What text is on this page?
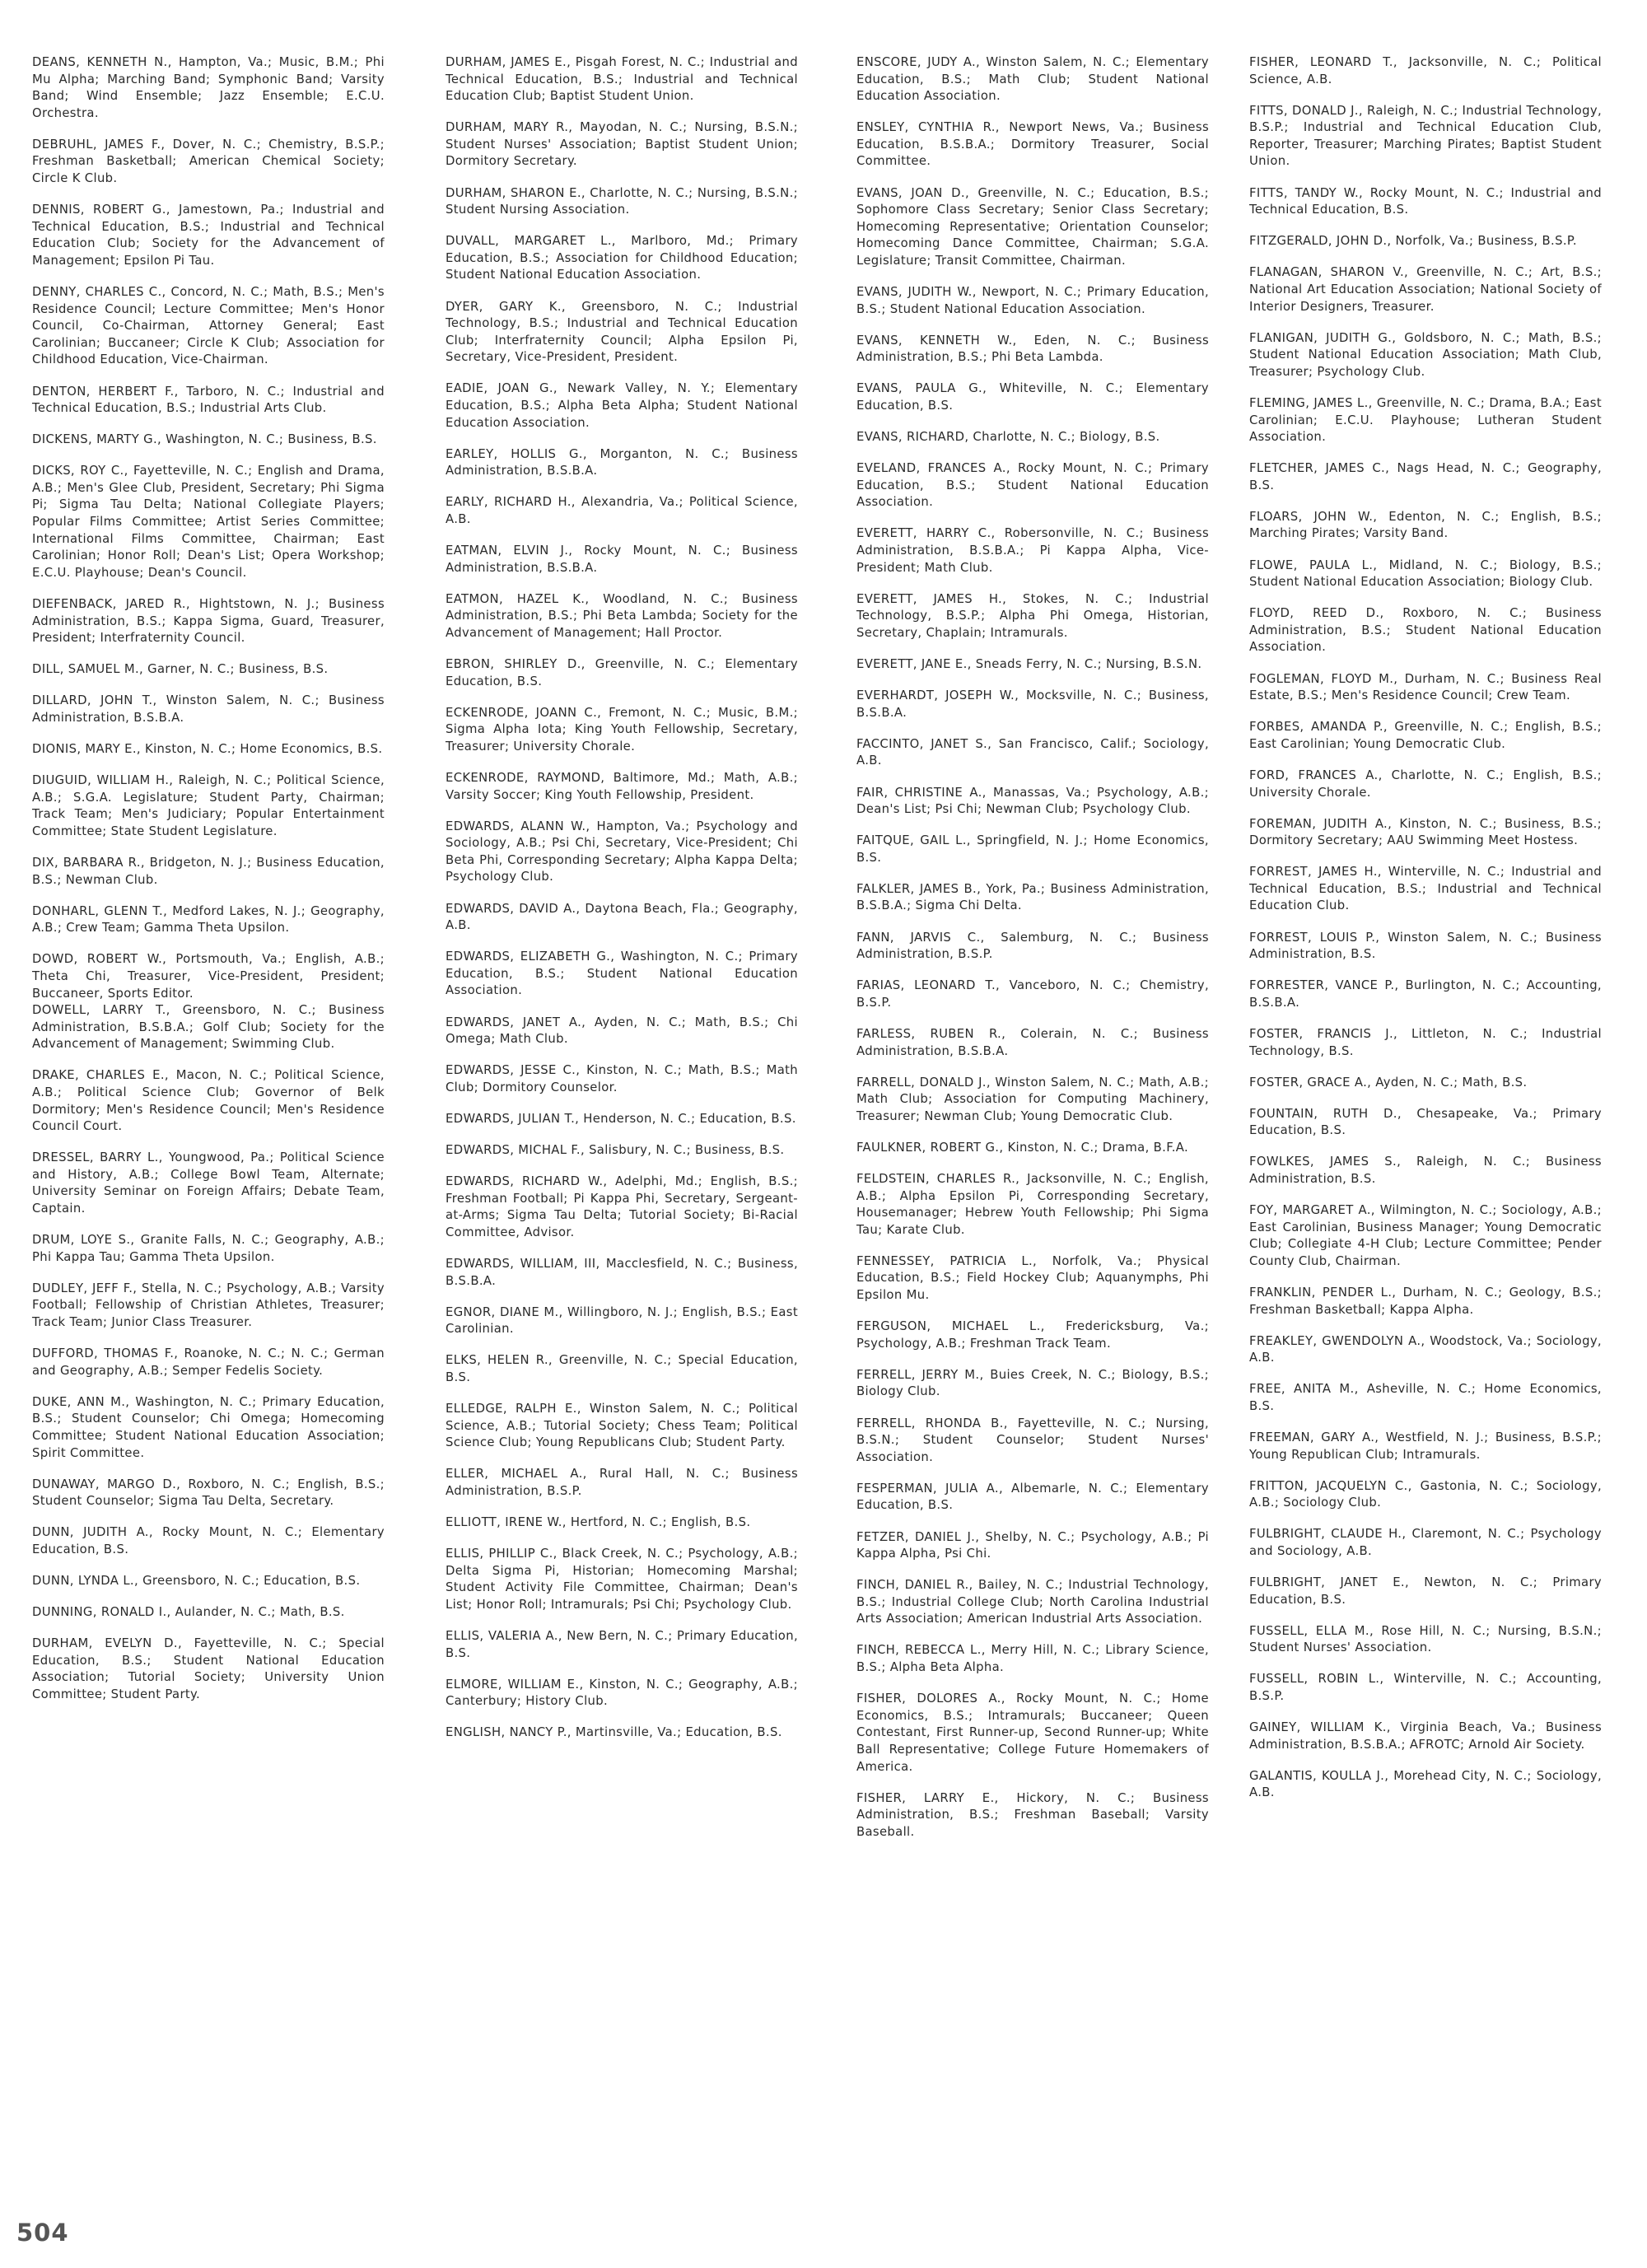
DEANS, KENNETH N., Hampton, Va.; Music, B.M.; Phi Mu Alpha; Marching Band; Symphonic Band; Varsity Band; Wind Ensemble; Jazz Ensemble; E.C.U. Orchestra.

DEBRUHL, JAMES F., Dover, N. C.; Chemistry, B.S.P.; Freshman Basketball; American Chemical Society; Circle K Club.

DENNIS, ROBERT G., Jamestown, Pa.; Industrial and Technical Education, B.S.; Industrial and Technical Education Club; Society for the Advancement of Management; Epsilon Pi Tau.

DENNY, CHARLES C., Concord, N. C.; Math, B.S.; Men's Residence Council; Lecture Committee; Men's Honor Council, Co-Chairman, Attorney General; East Carolinian; Buccaneer; Circle K Club; Association for Childhood Education, Vice-Chairman.

DENTON, HERBERT F., Tarboro, N. C.; Industrial and Technical Education, B.S.; Industrial Arts Club.

DICKENS, MARTY G., Washington, N. C.; Business, B.S.

DICKS, ROY C., Fayetteville, N. C.; English and Drama, A.B.; Men's Glee Club, President, Secretary; Phi Sigma Pi; Sigma Tau Delta; National Collegiate Players; Popular Films Committee; Artist Series Committee; International Films Committee, Chairman; East Carolinian; Honor Roll; Dean's List; Opera Workshop; E.C.U. Playhouse; Dean's Council.

DIEFENBACK, JARED R., Hightstown, N. J.; Business Administration, B.S.; Kappa Sigma, Guard, Treasurer, President; Interfraternity Council.

DILL, SAMUEL M., Garner, N. C.; Business, B.S.

DILLARD, JOHN T., Winston Salem, N. C.; Business Administration, B.S.B.A.

DIONIS, MARY E., Kinston, N. C.; Home Economics, B.S.

DIUGUID, WILLIAM H., Raleigh, N. C.; Political Science, A.B.; S.G.A. Legislature; Student Party, Chairman; Track Team; Men's Judiciary; Popular Entertainment Committee; State Student Legislature.

DIX, BARBARA R., Bridgeton, N. J.; Business Education, B.S.; Newman Club.

DONHARL, GLENN T., Medford Lakes, N. J.; Geography, A.B.; Crew Team; Gamma Theta Upsilon.

DOWD, ROBERT W., Portsmouth, Va.; English, A.B.; Theta Chi, Treasurer, Vice-President, President; Buccaneer, Sports Editor.

DOWELL, LARRY T., Greensboro, N. C.; Business Administration, B.S.B.A.; Golf Club; Society for the Advancement of Management; Swimming Club.

DRAKE, CHARLES E., Macon, N. C.; Political Science, A.B.; Political Science Club; Governor of Belk Dormitory; Men's Residence Council; Men's Residence Council Court.

DRESSEL, BARRY L., Youngwood, Pa.; Political Science and History, A.B.; College Bowl Team, Alternate; University Seminar on Foreign Affairs; Debate Team, Captain.

DRUM, LOYE S., Granite Falls, N. C.; Geography, A.B.; Phi Kappa Tau; Gamma Theta Upsilon.

DUDLEY, JEFF F., Stella, N. C.; Psychology, A.B.; Varsity Football; Fellowship of Christian Athletes, Treasurer; Track Team; Junior Class Treasurer.

DUFFORD, THOMAS F., Roanoke, N. C.; N. C.; German and Geography, A.B.; Semper Fedelis Society.

DUKE, ANN M., Washington, N. C.; Primary Education, B.S.; Student Counselor; Chi Omega; Homecoming Committee; Student National Education Association; Spirit Committee.

DUNAWAY, MARGO D., Roxboro, N. C.; English, B.S.; Student Counselor; Sigma Tau Delta, Secretary.

DUNN, JUDITH A., Rocky Mount, N. C.; Elementary Education, B.S.

DUNN, LYNDA L., Greensboro, N. C.; Education, B.S.

DUNNING, RONALD I., Aulander, N. C.; Math, B.S.

DURHAM, EVELYN D., Fayetteville, N. C.; Special Education, B.S.; Student National Education Association; Tutorial Society; University Union Committee; Student Party.

DURHAM, JAMES E., Pisgah Forest, N. C.; Industrial and Technical Education, B.S.; Industrial and Technical Education Club; Baptist Student Union.

DURHAM, MARY R., Mayodan, N. C.; Nursing, B.S.N.; Student Nurses' Association; Baptist Student Union; Dormitory Secretary.

DURHAM, SHARON E., Charlotte, N. C.; Nursing, B.S.N.; Student Nursing Association.

DUVALL, MARGARET L., Marlboro, Md.; Primary Education, B.S.; Association for Childhood Education; Student National Education Association.

DYER, GARY K., Greensboro, N. C.; Industrial Technology, B.S.; Industrial and Technical Education Club; Interfraternity Council; Alpha Epsilon Pi, Secretary, Vice-President, President.

EADIE, JOAN G., Newark Valley, N. Y.; Elementary Education, B.S.; Alpha Beta Alpha; Student National Education Association.

EARLEY, HOLLIS G., Morganton, N. C.; Business Administration, B.S.B.A.

EARLY, RICHARD H., Alexandria, Va.; Political Science, A.B.

EATMAN, ELVIN J., Rocky Mount, N. C.; Business Administration, B.S.B.A.

EATMON, HAZEL K., Woodland, N. C.; Business Administration, B.S.; Phi Beta Lambda; Society for the Advancement of Management; Hall Proctor.

EBRON, SHIRLEY D., Greenville, N. C.; Elementary Education, B.S.

ECKENRODE, JOANN C., Fremont, N. C.; Music, B.M.; Sigma Alpha Iota; King Youth Fellowship, Secretary, Treasurer; University Chorale.

ECKENRODE, RAYMOND, Baltimore, Md.; Math, A.B.; Varsity Soccer; King Youth Fellowship, President.

EDWARDS, ALANN W., Hampton, Va.; Psychology and Sociology, A.B.; Psi Chi, Secretary, Vice-President; Chi Beta Phi, Corresponding Secretary; Alpha Kappa Delta; Psychology Club.

EDWARDS, DAVID A., Daytona Beach, Fla.; Geography, A.B.

EDWARDS, ELIZABETH G., Washington, N. C.; Primary Education, B.S.; Student National Education Association.

EDWARDS, JANET A., Ayden, N. C.; Math, B.S.; Chi Omega; Math Club.

EDWARDS, JESSE C., Kinston, N. C.; Math, B.S.; Math Club; Dormitory Counselor.

EDWARDS, JULIAN T., Henderson, N. C.; Education, B.S.

EDWARDS, MICHAL F., Salisbury, N. C.; Business, B.S.

EDWARDS, RICHARD W., Adelphi, Md.; English, B.S.; Freshman Football; Pi Kappa Phi, Secretary, Sergeant-at-Arms; Sigma Tau Delta; Tutorial Society; Bi-Racial Committee, Advisor.

EDWARDS, WILLIAM, III, Macclesfield, N. C.; Business, B.S.B.A.

EGNOR, DIANE M., Willingboro, N. J.; English, B.S.; East Carolinian.

ELKS, HELEN R., Greenville, N. C.; Special Education, B.S.

ELLEDGE, RALPH E., Winston Salem, N. C.; Political Science, A.B.; Tutorial Society; Chess Team; Political Science Club; Young Republicans Club; Student Party.

ELLER, MICHAEL A., Rural Hall, N. C.; Business Administration, B.S.P.

ELLIOTT, IRENE W., Hertford, N. C.; English, B.S.

ELLIS, PHILLIP C., Black Creek, N. C.; Psychology, A.B.; Delta Sigma Pi, Historian; Homecoming Marshal; Student Activity File Committee, Chairman; Dean's List; Honor Roll; Intramurals; Psi Chi; Psychology Club.

ELLIS, VALERIA A., New Bern, N. C.; Primary Education, B.S.

ELMORE, WILLIAM E., Kinston, N. C.; Geography, A.B.; Canterbury; History Club.

ENGLISH, NANCY P., Martinsville, Va.; Education, B.S.

ENSCORE, JUDY A., Winston Salem, N. C.; Elementary Education, B.S.; Math Club; Student National Education Association.

ENSLEY, CYNTHIA R., Newport News, Va.; Business Education, B.S.B.A.; Dormitory Treasurer, Social Committee.

EVANS, JOAN D., Greenville, N. C.; Education, B.S.; Sophomore Class Secretary; Senior Class Secretary; Homecoming Representative; Orientation Counselor; Homecoming Dance Committee, Chairman; S.G.A. Legislature; Transit Committee, Chairman.

EVANS, JUDITH W., Newport, N. C.; Primary Education, B.S.; Student National Education Association.

EVANS, KENNETH W., Eden, N. C.; Business Administration, B.S.; Phi Beta Lambda.

EVANS, PAULA G., Whiteville, N. C.; Elementary Education, B.S.

EVANS, RICHARD, Charlotte, N. C.; Biology, B.S.

EVELAND, FRANCES A., Rocky Mount, N. C.; Primary Education, B.S.; Student National Education Association.

EVERETT, HARRY C., Robersonville, N. C.; Business Administration, B.S.B.A.; Pi Kappa Alpha, Vice-President; Math Club.

EVERETT, JAMES H., Stokes, N. C.; Industrial Technology, B.S.P.; Alpha Phi Omega, Historian, Secretary, Chaplain; Intramurals.

EVERETT, JANE E., Sneads Ferry, N. C.; Nursing, B.S.N.

EVERHARDT, JOSEPH W., Mocksville, N. C.; Business, B.S.B.A.

FACCINTO, JANET S., San Francisco, Calif.; Sociology, A.B.

FAIR, CHRISTINE A., Manassas, Va.; Psychology, A.B.; Dean's List; Psi Chi; Newman Club; Psychology Club.

FAITQUE, GAIL L., Springfield, N. J.; Home Economics, B.S.

FALKLER, JAMES B., York, Pa.; Business Administration, B.S.B.A.; Sigma Chi Delta.

FANN, JARVIS C., Salemburg, N. C.; Business Administration, B.S.P.

FARIAS, LEONARD T., Vanceboro, N. C.; Chemistry, B.S.P.

FARLESS, RUBEN R., Colerain, N. C.; Business Administration, B.S.B.A.

FARRELL, DONALD J., Winston Salem, N. C.; Math, A.B.; Math Club; Association for Computing Machinery, Treasurer; Newman Club; Young Democratic Club.

FAULKNER, ROBERT G., Kinston, N. C.; Drama, B.F.A.

FELDSTEIN, CHARLES R., Jacksonville, N. C.; English, A.B.; Alpha Epsilon Pi, Corresponding Secretary, Housemanager; Hebrew Youth Fellowship; Phi Sigma Tau; Karate Club.

FENNESSEY, PATRICIA L., Norfolk, Va.; Physical Education, B.S.; Field Hockey Club; Aquanymphs, Phi Epsilon Mu.

FERGUSON, MICHAEL L., Fredericksburg, Va.; Psychology, A.B.; Freshman Track Team.

FERRELL, JERRY M., Buies Creek, N. C.; Biology, B.S.; Biology Club.

FERRELL, RHONDA B., Fayetteville, N. C.; Nursing, B.S.N.; Student Counselor; Student Nurses' Association.

FESPERMAN, JULIA A., Albemarle, N. C.; Elementary Education, B.S.

FETZER, DANIEL J., Shelby, N. C.; Psychology, A.B.; Pi Kappa Alpha, Psi Chi.

FINCH, DANIEL R., Bailey, N. C.; Industrial Technology, B.S.; Industrial College Club; North Carolina Industrial Arts Association; American Industrial Arts Association.

FINCH, REBECCA L., Merry Hill, N. C.; Library Science, B.S.; Alpha Beta Alpha.

FISHER, DOLORES A., Rocky Mount, N. C.; Home Economics, B.S.; Intramurals; Buccaneer; Queen Contestant, First Runner-up, Second Runner-up; White Ball Representative; College Future Homemakers of America.

FISHER, LARRY E., Hickory, N. C.; Business Administration, B.S.; Freshman Baseball; Varsity Baseball.

FISHER, LEONARD T., Jacksonville, N. C.; Political Science, A.B.

FITTS, DONALD J., Raleigh, N. C.; Industrial Technology, B.S.P.; Industrial and Technical Education Club, Reporter, Treasurer; Marching Pirates; Baptist Student Union.

FITTS, TANDY W., Rocky Mount, N. C.; Industrial and Technical Education, B.S.

FITZGERALD, JOHN D., Norfolk, Va.; Business, B.S.P.

FLANAGAN, SHARON V., Greenville, N. C.; Art, B.S.; National Art Education Association; National Society of Interior Designers, Treasurer.

FLANIGAN, JUDITH G., Goldsboro, N. C.; Math, B.S.; Student National Education Association; Math Club, Treasurer; Psychology Club.

FLEMING, JAMES L., Greenville, N. C.; Drama, B.A.; East Carolinian; E.C.U. Playhouse; Lutheran Student Association.

FLETCHER, JAMES C., Nags Head, N. C.; Geography, B.S.

FLOARS, JOHN W., Edenton, N. C.; English, B.S.; Marching Pirates; Varsity Band.

FLOWE, PAULA L., Midland, N. C.; Biology, B.S.; Student National Education Association; Biology Club.

FLOYD, REED D., Roxboro, N. C.; Business Administration, B.S.; Student National Education Association.

FOGLEMAN, FLOYD M., Durham, N. C.; Business Real Estate, B.S.; Men's Residence Council; Crew Team.

FORBES, AMANDA P., Greenville, N. C.; English, B.S.; East Carolinian; Young Democratic Club.

FORD, FRANCES A., Charlotte, N. C.; English, B.S.; University Chorale.

FOREMAN, JUDITH A., Kinston, N. C.; Business, B.S.; Dormitory Secretary; AAU Swimming Meet Hostess.

FORREST, JAMES H., Winterville, N. C.; Industrial and Technical Education, B.S.; Industrial and Technical Education Club.

FORREST, LOUIS P., Winston Salem, N. C.; Business Administration, B.S.

FORRESTER, VANCE P., Burlington, N. C.; Accounting, B.S.B.A.

FOSTER, FRANCIS J., Littleton, N. C.; Industrial Technology, B.S.

FOSTER, GRACE A., Ayden, N. C.; Math, B.S.

FOUNTAIN, RUTH D., Chesapeake, Va.; Primary Education, B.S.

FOWLKES, JAMES S., Raleigh, N. C.; Business Administration, B.S.

FOY, MARGARET A., Wilmington, N. C.; Sociology, A.B.; East Carolinian, Business Manager; Young Democratic Club; Collegiate 4-H Club; Lecture Committee; Pender County Club, Chairman.

FRANKLIN, PENDER L., Durham, N. C.; Geology, B.S.; Freshman Basketball; Kappa Alpha.

FREAKLEY, GWENDOLYN A., Woodstock, Va.; Sociology, A.B.

FREE, ANITA M., Asheville, N. C.; Home Economics, B.S.

FREEMAN, GARY A., Westfield, N. J.; Business, B.S.P.; Young Republican Club; Intramurals.

FRITTON, JACQUELYN C., Gastonia, N. C.; Sociology, A.B.; Sociology Club.

FULBRIGHT, CLAUDE H., Claremont, N. C.; Psychology and Sociology, A.B.

FULBRIGHT, JANET E., Newton, N. C.; Primary Education, B.S.

FUSSELL, ELLA M., Rose Hill, N. C.; Nursing, B.S.N.; Student Nurses' Association.

FUSSELL, ROBIN L., Winterville, N. C.; Accounting, B.S.P.

GAINEY, WILLIAM K., Virginia Beach, Va.; Business Administration, B.S.B.A.; AFROTC; Arnold Air Society.

GALANTIS, KOULLA J., Morehead City, N. C.; Sociology, A.B.

504
